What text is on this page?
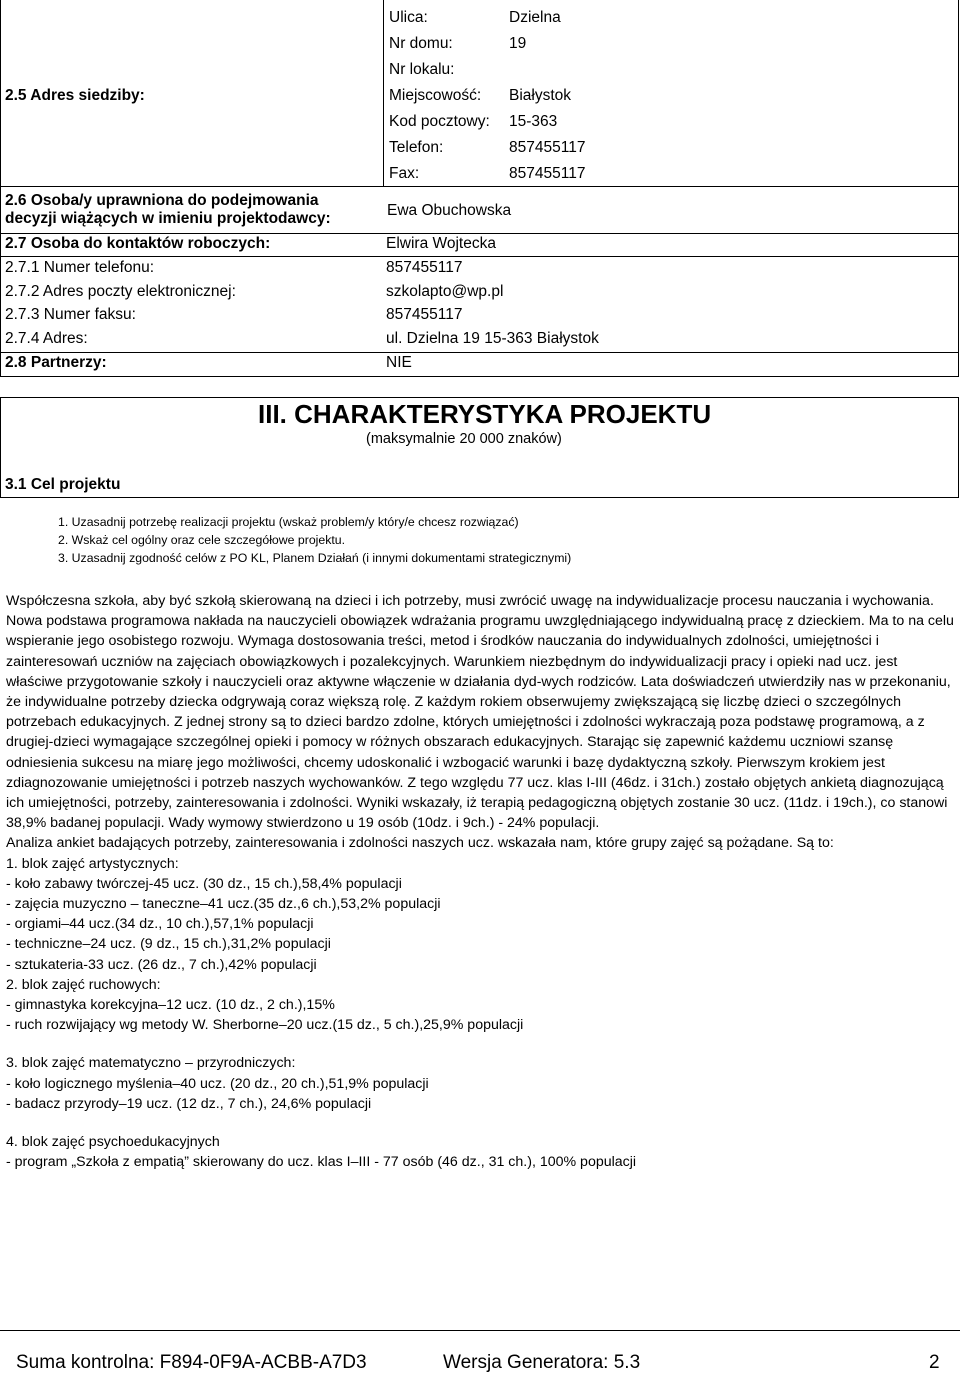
2.5 Adres siedziby:
Ulica:	Dzielna
Nr domu:	19
Nr lokalu:
Miejscowość: Białystok
Kod pocztowy: 15-363
Telefon:	857455117
Fax:	857455117
2.6 Osoba/y uprawniona do podejmowania
decyzji wiążących w imieniu projektodawcy:	Ewa Obuchowska
2.7 Osoba do kontaktów roboczych:	Elwira Wojtecka
2.7.1 Numer telefonu:	857455117
2.7.2 Adres poczty elektronicznej:	szkolapto@wp.pl
2.7.3 Numer faksu:	857455117
2.7.4 Adres:	ul. Dzielna 19 15-363 Białystok
2.8 Partnerzy:	NIE
III. CHARAKTERYSTYKA PROJEKTU
(maksymalnie 20 000 znaków)
3.1 Cel projektu
1. Uzasadnij potrzebę realizacji projektu (wskaż problem/y który/e chcesz rozwiązać)
2. Wskaż cel ogólny oraz cele szczegółowe projektu.
3. Uzasadnij zgodność celów z PO KL, Planem Działań (i innymi dokumentami strategicznymi)

Współczesna szkoła, aby być szkołą skierowaną na dzieci i ich potrzeby, musi zwrócić uwagę na indywidualizacje procesu nauczania i wychowania. Nowa podstawa programowa nakłada na nauczycieli obowiązek wdrażania programu uwzględniającego indywidualną pracę z dzieckiem. Ma to na celu wspieranie jego osobistego rozwoju. Wymaga dostosowania treści, metod i środków nauczania do indywidualnych zdolności, umiejętności i zainteresowań uczniów na zajęciach obowiązkowych i pozalekcyjnych. Warunkiem niezbędnym do indywidualizacji pracy i opieki nad ucz. jest właściwe przygotowanie szkoły i nauczycieli oraz aktywne włączenie w działania dyd-wych rodziców. Lata doświadczeń utwierdziły nas w przekonaniu, że indywidualne potrzeby dziecka odgrywają coraz większą rolę. Z każdym rokiem obserwujemy zwiększającą się liczbę dzieci o szczególnych potrzebach edukacyjnych. Z jednej strony są to dzieci bardzo zdolne, których umiejętności i zdolności wykraczają poza podstawę programową, a z drugiej-dzieci wymagające szczególnej opieki i pomocy w różnych obszarach edukacyjnych. Starając się zapewnić każdemu uczniowi szansę odniesienia sukcesu na miarę jego możliwości, chcemy udoskonalić i wzbogacić warunki i bazę dydaktyczną szkoły. Pierwszym krokiem jest zdiagnozowanie umiejętności i potrzeb naszych wychowanków. Z tego względu 77 ucz. klas I-III (46dz. i 31ch.) zostało objętych ankietą diagnozującą ich umiejętności, potrzeby, zainteresowania i zdolności. Wyniki wskazały, iż terapią pedagogiczną objętych zostanie 30 ucz. (11dz. i 19ch.), co stanowi 38,9% badanej populacji. Wady wymowy stwierdzono u 19 osób (10dz. i 9ch.) - 24% populacji.

Analiza ankiet badających potrzeby, zainteresowania i zdolności naszych ucz. wskazała nam, które grupy zajęć są pożądane. Są to:

1. blok zajęć artystycznych:

- koło zabawy twórczej-45 ucz. (30 dz., 15 ch.),58,4% populacji

- zajęcia muzyczno – taneczne–41 ucz.(35 dz.,6 ch.),53,2% populacji

- orgiami–44 ucz.(34 dz., 10 ch.),57,1% populacji

- techniczne–24 ucz. (9 dz., 15 ch.),31,2% populacji

- sztukateria-33 ucz. (26 dz., 7 ch.),42% populacji

2. blok zajęć ruchowych:

- gimnastyka korekcyjna–12 ucz. (10 dz., 2 ch.),15%

- ruch rozwijający wg metody W. Sherborne–20 ucz.(15 dz., 5 ch.),25,9% populacji

3. blok zajęć matematyczno – przyrodniczych:

- koło logicznego myślenia–40 ucz. (20 dz., 20 ch.),51,9% populacji

- badacz przyrody–19 ucz. (12 dz., 7 ch.), 24,6% populacji

4. blok zajęć psychoedukacyjnych

- program „Szkoła z empatią” skierowany do ucz. klas I–III - 77 osób (46 dz., 31 ch.), 100% populacji

Suma kontrolna: F894-0F9A-ACBB-A7D3	Wersja Generatora: 5.3	2
